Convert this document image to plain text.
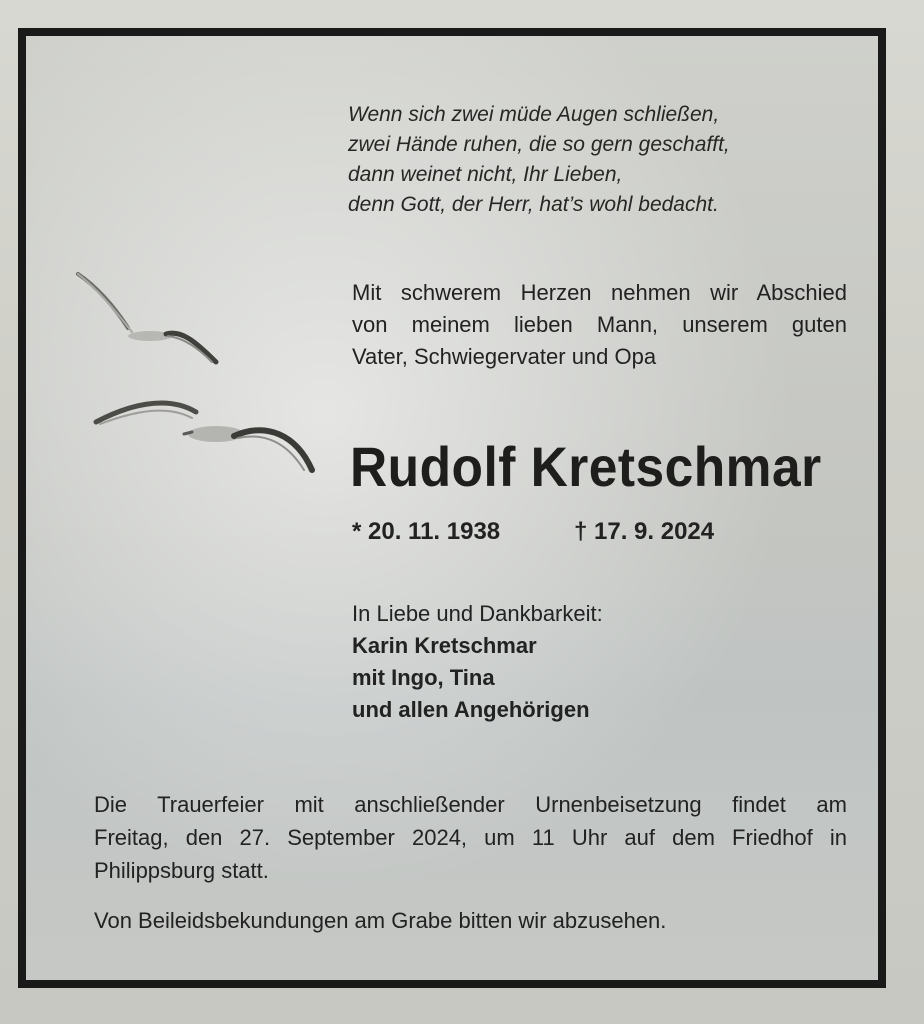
Wenn sich zwei müde Augen schließen,
zwei Hände ruhen, die so gern geschafft,
dann weinet nicht, Ihr Lieben,
denn Gott, der Herr, hat’s wohl bedacht.
Mit schwerem Herzen nehmen wir Abschied
von meinem lieben Mann, unserem guten
Vater, Schwiegervater und Opa
Rudolf Kretschmar
* 20. 11. 1938	† 17. 9. 2024
In Liebe und Dankbarkeit:
Karin Kretschmar
mit Ingo, Tina
und allen Angehörigen
Die Trauerfeier mit anschließender Urnenbeisetzung findet am
Freitag, den 27. September 2024, um 11 Uhr auf dem Friedhof in
Philippsburg statt.
Von Beileidsbekundungen am Grabe bitten wir abzusehen.
